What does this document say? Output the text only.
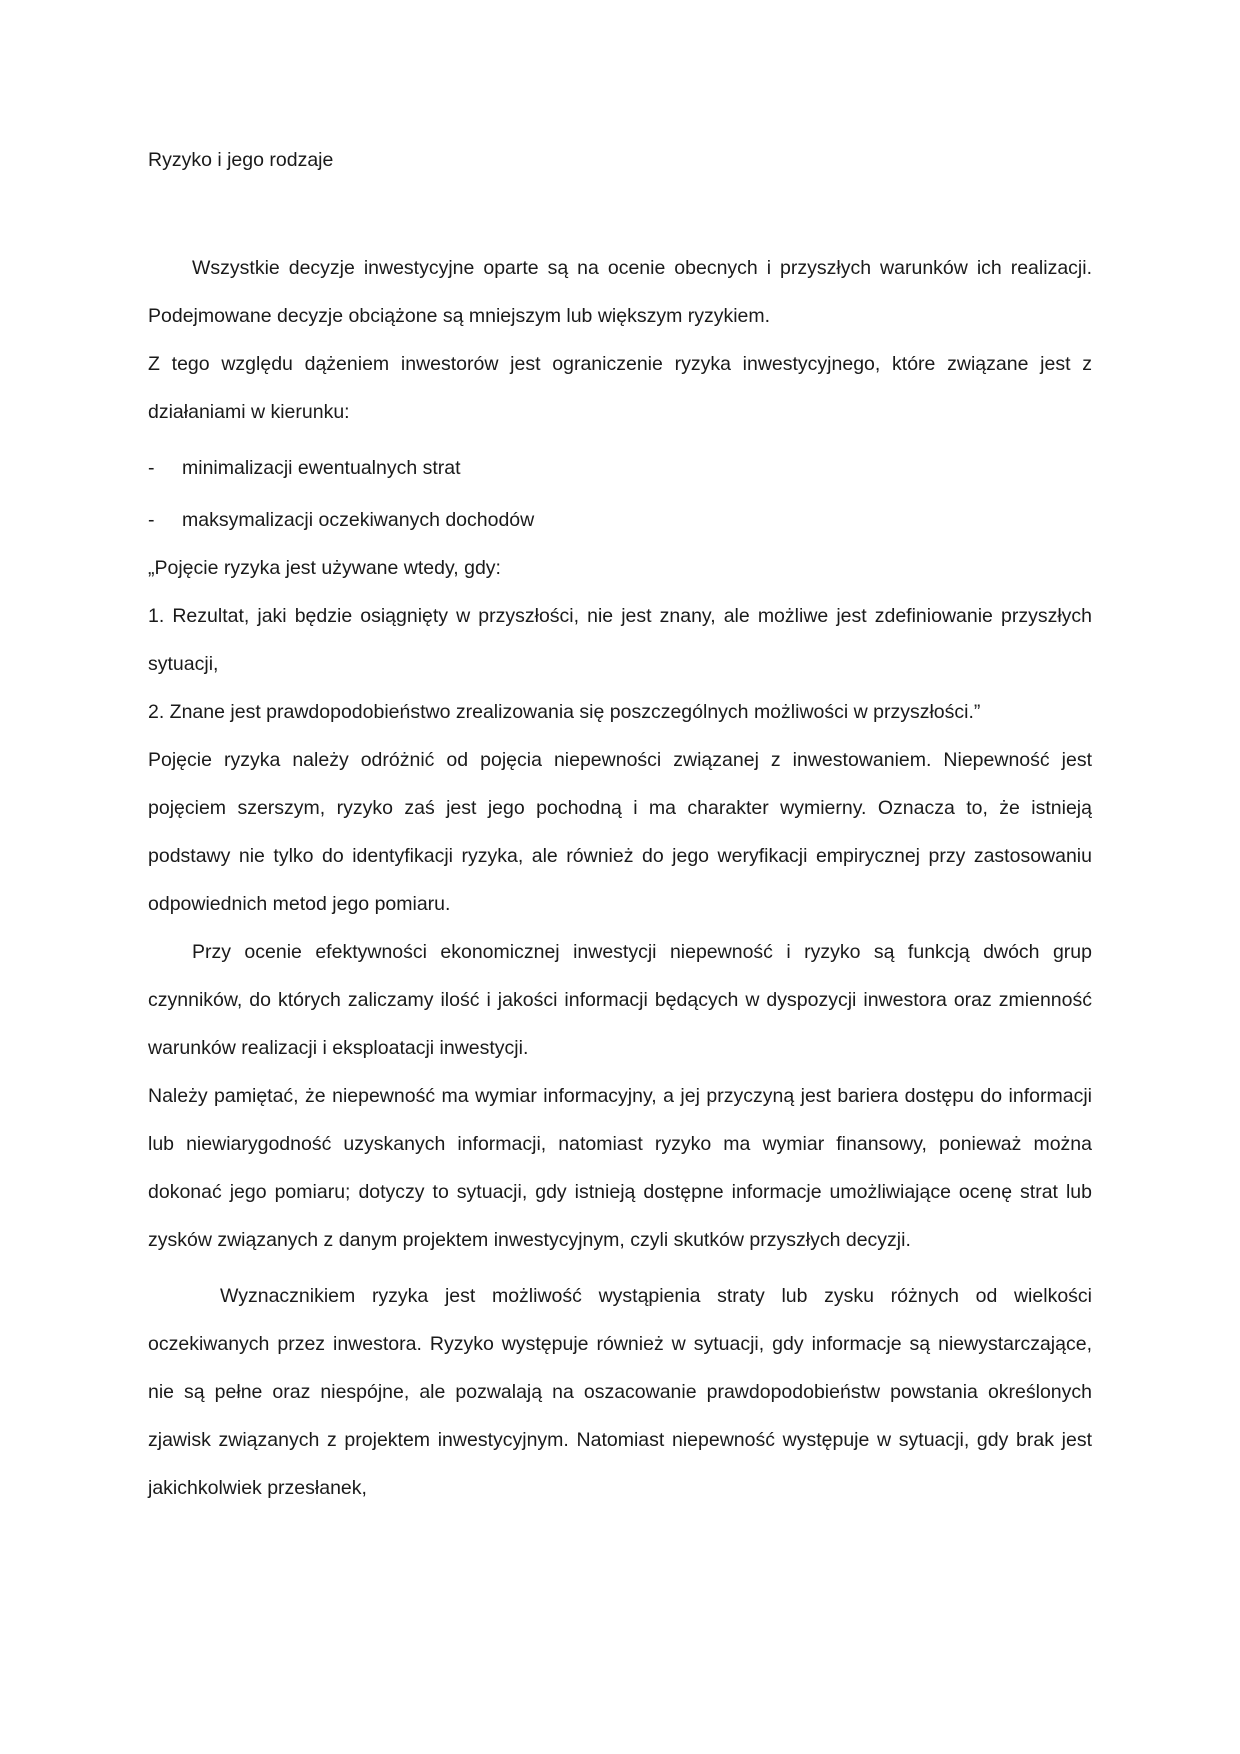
Ryzyko i jego rodzaje

Wszystkie decyzje inwestycyjne oparte są na ocenie obecnych i przyszłych warunków ich realizacji. Podejmowane decyzje obciążone są mniejszym lub większym ryzykiem.

Z tego względu dążeniem inwestorów jest ograniczenie ryzyka inwestycyjnego, które związane jest z działaniami w kierunku:

-	minimalizacji ewentualnych strat
-	maksymalizacji oczekiwanych dochodów

„Pojęcie ryzyka jest używane wtedy, gdy:

1. Rezultat, jaki będzie osiągnięty w przyszłości, nie jest znany, ale możliwe jest zdefiniowanie przyszłych sytuacji,

2. Znane jest prawdopodobieństwo zrealizowania się poszczególnych możliwości w przyszłości.”

Pojęcie ryzyka należy odróżnić od pojęcia niepewności związanej z inwestowaniem. Niepewność jest pojęciem szerszym, ryzyko zaś jest jego pochodną i ma charakter wymierny. Oznacza to, że istnieją podstawy nie tylko do identyfikacji ryzyka, ale również do jego weryfikacji empirycznej przy zastosowaniu odpowiednich metod jego pomiaru.

Przy ocenie efektywności ekonomicznej inwestycji niepewność i ryzyko są funkcją dwóch grup czynników, do których zaliczamy ilość i jakości informacji będących w dyspozycji inwestora oraz zmienność warunków realizacji i eksploatacji inwestycji.

Należy pamiętać, że niepewność ma wymiar informacyjny, a jej przyczyną jest bariera dostępu do informacji lub niewiarygodność uzyskanych informacji, natomiast ryzyko ma wymiar finansowy, ponieważ można dokonać jego pomiaru; dotyczy to sytuacji, gdy istnieją dostępne informacje umożliwiające ocenę strat lub zysków związanych z danym projektem inwestycyjnym, czyli skutków przyszłych decyzji.

Wyznacznikiem ryzyka jest możliwość wystąpienia straty lub zysku różnych od wielkości oczekiwanych przez inwestora. Ryzyko występuje również w sytuacji, gdy informacje są niewystarczające, nie są pełne oraz niespójne, ale pozwalają na oszacowanie prawdopodobieństw powstania określonych zjawisk związanych z projektem inwestycyjnym. Natomiast niepewność występuje w sytuacji, gdy brak jest jakichkolwiek przesłanek,
